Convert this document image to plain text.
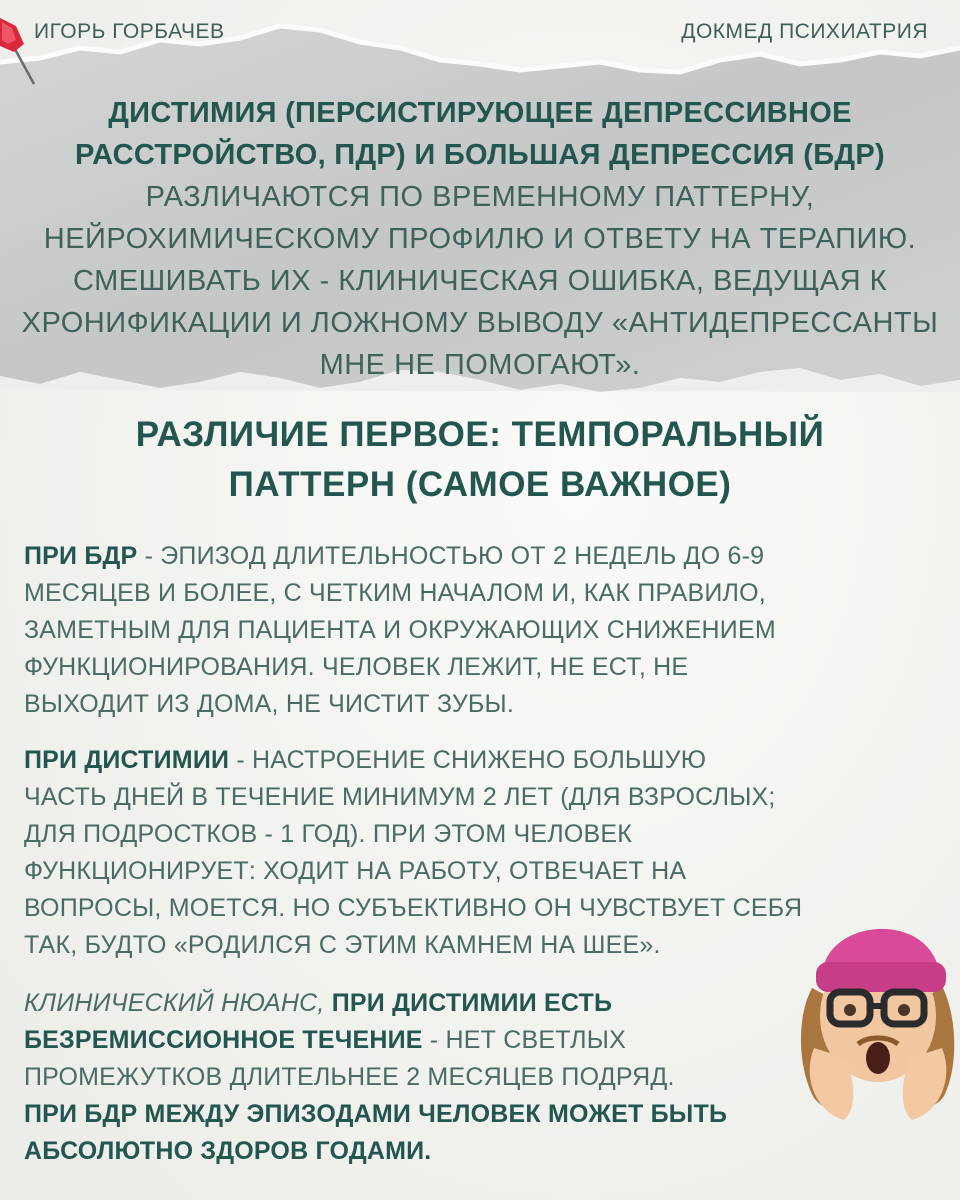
ИГОРЬ ГОРБАЧЕВ	ДОКМЕД ПСИХИАТРИЯ
ДИСТИМИЯ (ПЕРСИСТИРУЮЩЕЕ ДЕПРЕССИВНОЕ
РАССТРОЙСТВО, ПДР) И БОЛЬШАЯ ДЕПРЕССИЯ (БДР)
РАЗЛИЧАЮТСЯ ПО ВРЕМЕННОМУ ПАТТЕРНУ,
НЕЙРОХИМИЧЕСКОМУ ПРОФИЛЮ И ОТВЕТУ НА ТЕРАПИЮ.
СМЕШИВАТЬ ИХ - КЛИНИЧЕСКАЯ ОШИБКА, ВЕДУЩАЯ К
ХРОНИФИКАЦИИ И ЛОЖНОМУ ВЫВОДУ «АНТИДЕПРЕССАНТЫ
МНЕ НЕ ПОМОГАЮТ».
РАЗЛИЧИЕ ПЕРВОЕ: ТЕМПОРАЛЬНЫЙ
ПАТТЕРН (САМОЕ ВАЖНОЕ)
ПРИ БДР - ЭПИЗОД ДЛИТЕЛЬНОСТЬЮ ОТ 2 НЕДЕЛЬ ДО 6-9
МЕСЯЦЕВ И БОЛЕЕ, С ЧЕТКИМ НАЧАЛОМ И, КАК ПРАВИЛО,
ЗАМЕТНЫМ ДЛЯ ПАЦИЕНТА И ОКРУЖАЮЩИХ СНИЖЕНИЕМ
ФУНКЦИОНИРОВАНИЯ. ЧЕЛОВЕК ЛЕЖИТ, НЕ ЕСТ, НЕ
ВЫХОДИТ ИЗ ДОМА, НЕ ЧИСТИТ ЗУБЫ.
ПРИ ДИСТИМИИ - НАСТРОЕНИЕ СНИЖЕНО БОЛЬШУЮ
ЧАСТЬ ДНЕЙ В ТЕЧЕНИЕ МИНИМУМ 2 ЛЕТ (ДЛЯ ВЗРОСЛЫХ;
ДЛЯ ПОДРОСТКОВ - 1 ГОД). ПРИ ЭТОМ ЧЕЛОВЕК
ФУНКЦИОНИРУЕТ: ХОДИТ НА РАБОТУ, ОТВЕЧАЕТ НА
ВОПРОСЫ, МОЕТСЯ. НО СУБЪЕКТИВНО ОН ЧУВСТВУЕТ СЕБЯ
ТАК, БУДТО «РОДИЛСЯ С ЭТИМ КАМНЕМ НА ШЕЕ».
КЛИНИЧЕСКИЙ НЮАНС, ПРИ ДИСТИМИИ ЕСТЬ
БЕЗРЕМИССИОННОЕ ТЕЧЕНИЕ - НЕТ СВЕТЛЫХ
ПРОМЕЖУТКОВ ДЛИТЕЛЬНЕЕ 2 МЕСЯЦЕВ ПОДРЯД.
ПРИ БДР МЕЖДУ ЭПИЗОДАМИ ЧЕЛОВЕК МОЖЕТ БЫТЬ
АБСОЛЮТНО ЗДОРОВ ГОДАМИ.
